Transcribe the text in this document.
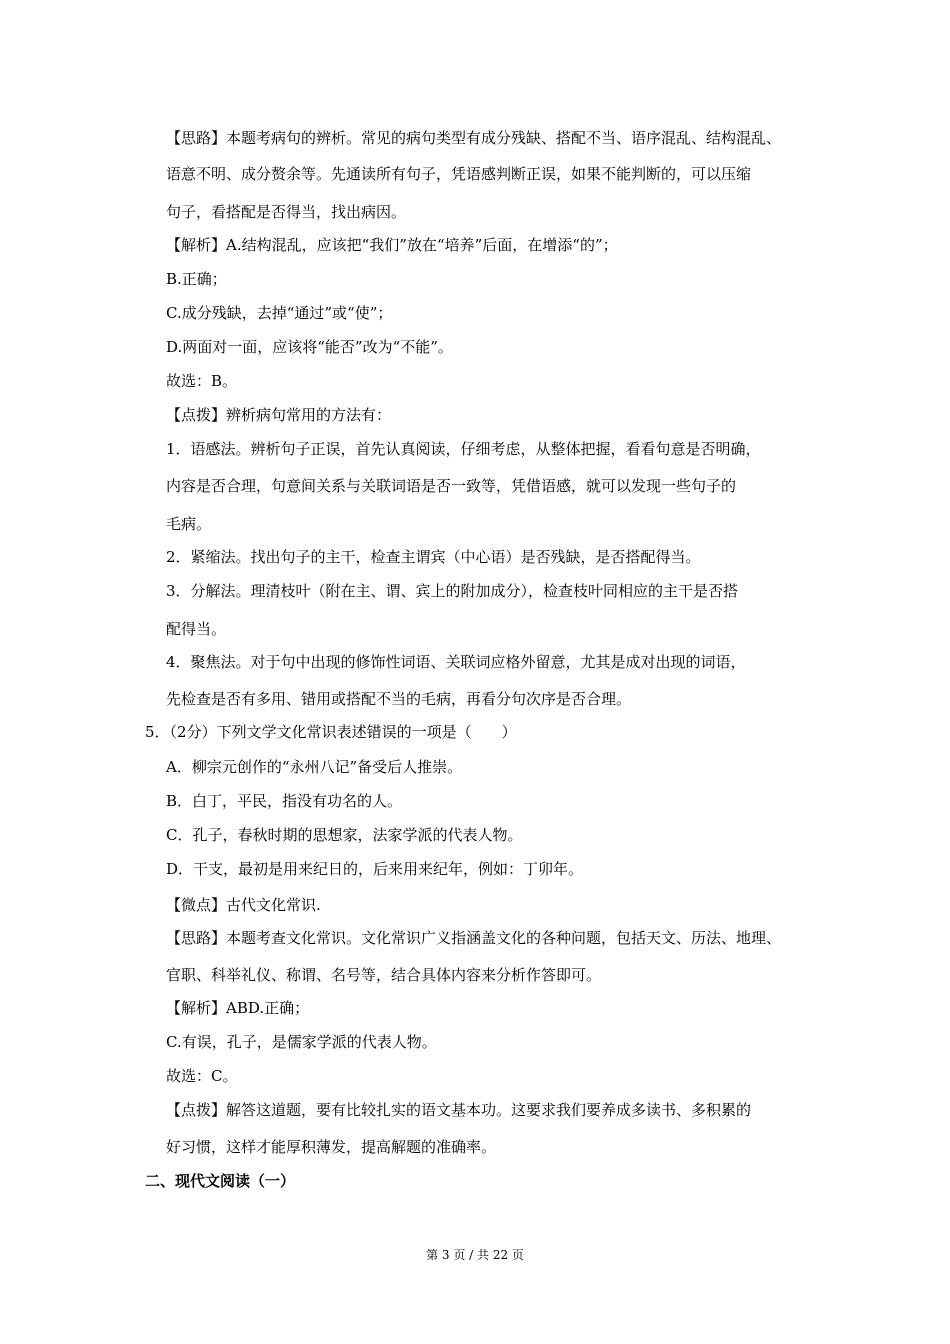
【思路】本题考病句的辨析。常见的病句类型有成分残缺、搭配不当、语序混乱、结构混乱、
语意不明、成分赘余等。先通读所有句子，凭语感判断正误，如果不能判断的，可以压缩
句子，看搭配是否得当，找出病因。
【解析】A.结构混乱，应该把“我们”放在“培养”后面，在增添“的”；
B.正确；
C.成分残缺，去掉“通过”或“使”；
D.两面对一面，应该将“能否”改为“不能”。
故选：B。
【点拨】辨析病句常用的方法有：
1．语感法。辨析句子正误，首先认真阅读，仔细考虑，从整体把握，看看句意是否明确，
内容是否合理，句意间关系与关联词语是否一致等，凭借语感，就可以发现一些句子的
毛病。
2．紧缩法。找出句子的主干，检查主谓宾（中心语）是否残缺，是否搭配得当。
3．分解法。理清枝叶（附在主、谓、宾上的附加成分），检查枝叶同相应的主干是否搭
配得当。
4．聚焦法。对于句中出现的修饰性词语、关联词应格外留意，尤其是成对出现的词语，
先检查是否有多用、错用或搭配不当的毛病，再看分句次序是否合理。
5．（2分）下列文学文化常识表述错误的一项是（　　）
A．柳宗元创作的“永州八记”备受后人推崇。
B．白丁，平民，指没有功名的人。
C．孔子，春秋时期的思想家，法家学派的代表人物。
D．干支，最初是用来纪日的，后来用来纪年，例如：丁卯年。
【微点】古代文化常识.
【思路】本题考查文化常识。文化常识广义指涵盖文化的各种问题，包括天文、历法、地理、
官职、科举礼仪、称谓、名号等，结合具体内容来分析作答即可。
【解析】ABD.正确；
C.有误，孔子，是儒家学派的代表人物。
故选：C。
【点拨】解答这道题，要有比较扎实的语文基本功。这要求我们要养成多读书、多积累的
好习惯，这样才能厚积薄发，提高解题的准确率。
二、现代文阅读（一）
第 3 页 / 共 22 页
